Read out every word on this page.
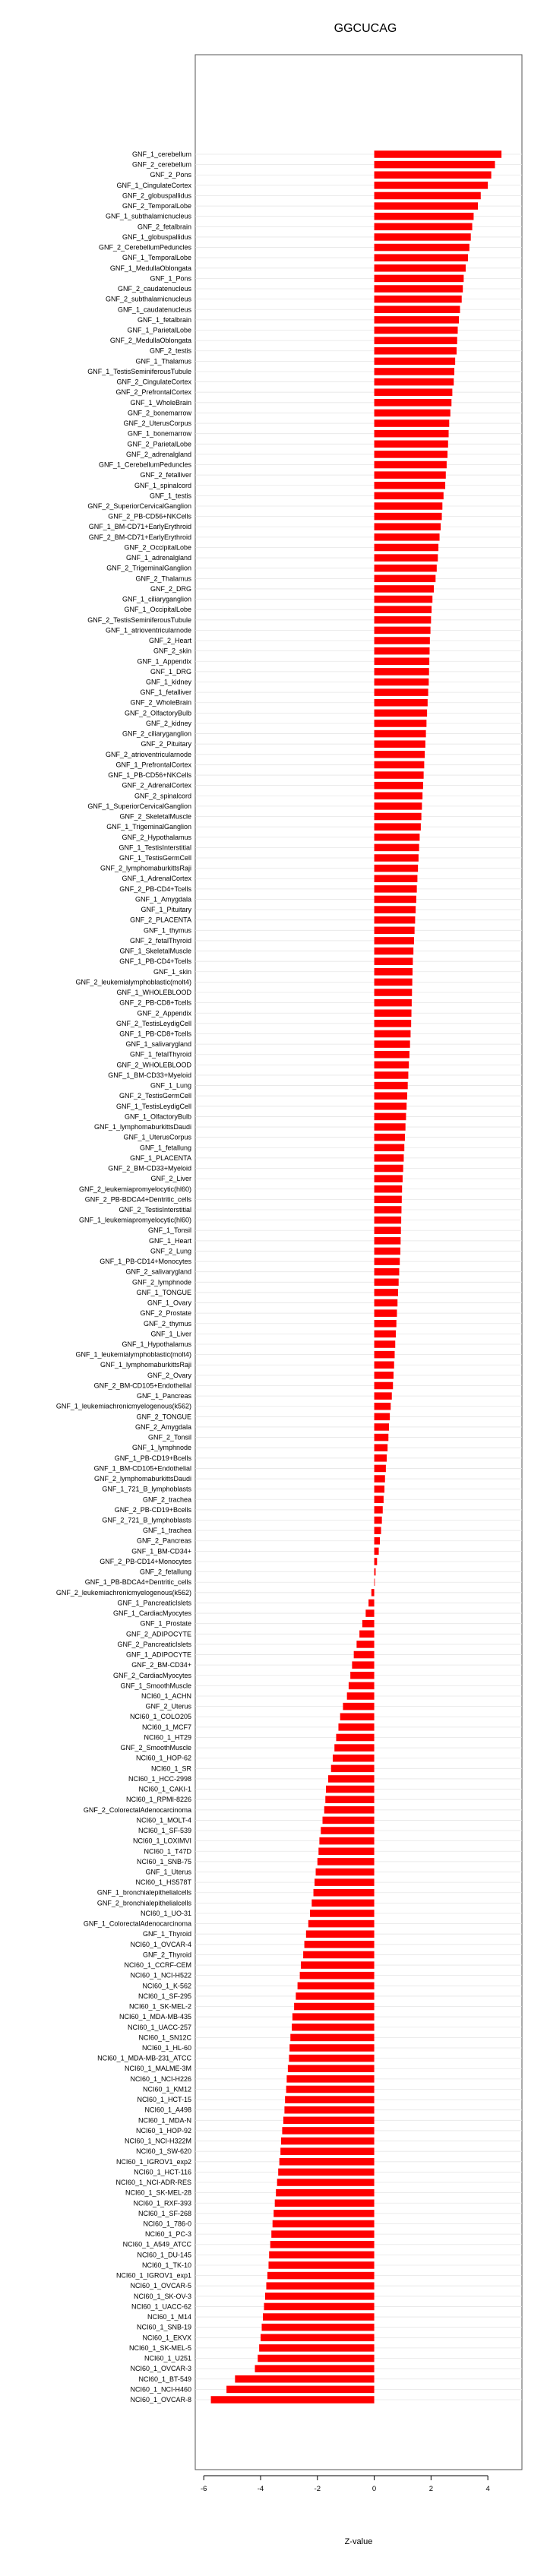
GGCUCAG
GNF_1_cerebellum
GNF_2_cerebellum
GNF_2_Pons
GNF_1_CingulateCortex
GNF_2_globuspallidus
GNF_2_TemporalLobe
GNF_1_subthalamicnucleus
GNF_2_fetalbrain
GNF_1_globuspallidus
GNF_2_CerebellumPeduncles
GNF_1_TemporalLobe
GNF_1_MedullaOblongata
GNF_1_Pons
GNF_2_caudatenucleus
GNF_2_subthalamicnucleus
GNF_1_caudatenucleus
GNF_1_fetalbrain
GNF_1_ParietalLobe
GNF_2_MedullaOblongata
GNF_2_testis
GNF_1_Thalamus
GNF_1_TestisSeminiferousTubule
GNF_2_CingulateCortex
GNF_2_PrefrontalCortex
GNF_1_WholeBrain
GNF_2_bonemarrow
GNF_2_UterusCorpus
GNF_1_bonemarrow
GNF_2_ParietalLobe
GNF_2_adrenalgland
GNF_1_CerebellumPeduncles
GNF_2_fetalliver
GNF_1_spinalcord
GNF_1_testis
GNF_2_SuperiorCervicalGanglion
GNF_2_PB-CD56+NKCells
GNF_1_BM-CD71+EarlyErythroid
GNF_2_BM-CD71+EarlyErythroid
GNF_2_OccipitalLobe
GNF_1_adrenalgland
GNF_2_TrigeminalGanglion
GNF_2_Thalamus
GNF_2_DRG
GNF_1_ciliaryganglion
GNF_1_OccipitalLobe
GNF_2_TestisSeminiferousTubule
GNF_1_atrioventricularnode
GNF_2_Heart
GNF_2_skin
GNF_1_Appendix
GNF_1_DRG
GNF_1_kidney
GNF_1_fetalliver
GNF_2_WholeBrain
GNF_2_OlfactoryBulb
GNF_2_kidney
GNF_2_ciliaryganglion
GNF_2_Pituitary
GNF_2_atrioventricularnode
GNF_1_PrefrontalCortex
GNF_1_PB-CD56+NKCells
GNF_2_AdrenalCortex
GNF_2_spinalcord
GNF_1_SuperiorCervicalGanglion
GNF_2_SkeletalMuscle
GNF_1_TrigeminalGanglion
GNF_2_Hypothalamus
GNF_1_TestisInterstitial
GNF_1_TestisGermCell
GNF_2_lymphomaburkittsRaji
GNF_1_AdrenalCortex
GNF_2_PB-CD4+Tcells
GNF_1_Amygdala
GNF_1_Pituitary
GNF_2_PLACENTA
GNF_1_thymus
GNF_2_fetalThyroid
GNF_1_SkeletalMuscle
GNF_1_PB-CD4+Tcells
GNF_1_skin
GNF_2_leukemialymphoblastic(molt4)
GNF_1_WHOLEBLOOD
GNF_2_PB-CD8+Tcells
GNF_2_Appendix
GNF_2_TestisLeydigCell
GNF_1_PB-CD8+Tcells
GNF_1_salivarygland
GNF_1_fetalThyroid
GNF_2_WHOLEBLOOD
GNF_1_BM-CD33+Myeloid
GNF_1_Lung
GNF_2_TestisGermCell
GNF_1_TestisLeydigCell
GNF_1_OlfactoryBulb
GNF_1_lymphomaburkittsDaudi
GNF_1_UterusCorpus
GNF_1_fetallung
GNF_1_PLACENTA
GNF_2_BM-CD33+Myeloid
GNF_2_Liver
GNF_2_leukemiapromyelocytic(hl60)
GNF_2_PB-BDCA4+Dentritic_cells
GNF_2_TestisInterstitial
GNF_1_leukemiapromyelocytic(hl60)
GNF_1_Tonsil
GNF_1_Heart
GNF_2_Lung
GNF_1_PB-CD14+Monocytes
GNF_2_salivarygland
GNF_2_lymphnode
GNF_1_TONGUE
GNF_1_Ovary
GNF_2_Prostate
GNF_2_thymus
GNF_1_Liver
GNF_1_Hypothalamus
GNF_1_leukemialymphoblastic(molt4)
GNF_1_lymphomaburkittsRaji
GNF_2_Ovary
GNF_2_BM-CD105+Endothelial
GNF_1_Pancreas
GNF_1_leukemiachronicmyelogenous(k562)
GNF_2_TONGUE
GNF_2_Amygdala
GNF_2_Tonsil
GNF_1_lymphnode
GNF_1_PB-CD19+Bcells
GNF_1_BM-CD105+Endothelial
GNF_2_lymphomaburkittsDaudi
GNF_1_721_B_lymphoblasts
GNF_2_trachea
GNF_2_PB-CD19+Bcells
GNF_2_721_B_lymphoblasts
GNF_1_trachea
GNF_2_Pancreas
GNF_1_BM-CD34+
GNF_2_PB-CD14+Monocytes
GNF_2_fetallung
GNF_1_PB-BDCA4+Dentritic_cells
GNF_2_leukemiachronicmyelogenous(k562)
GNF_1_PancreaticIslets
GNF_1_CardiacMyocytes
GNF_1_Prostate
GNF_2_ADIPOCYTE
GNF_2_PancreaticIslets
GNF_1_ADIPOCYTE
GNF_2_BM-CD34+
GNF_2_CardiacMyocytes
GNF_1_SmoothMuscle
NCI60_1_ACHN
GNF_2_Uterus
NCI60_1_COLO205
NCI60_1_MCF7
NCI60_1_HT29
GNF_2_SmoothMuscle
NCI60_1_HOP-62
NCI60_1_SR
NCI60_1_HCC-2998
NCI60_1_CAKI-1
NCI60_1_RPMI-8226
GNF_2_ColorectalAdenocarcinoma
NCI60_1_MOLT-4
NCI60_1_SF-539
NCI60_1_LOXIMVI
NCI60_1_T47D
NCI60_1_SNB-75
GNF_1_Uterus
NCI60_1_HS578T
GNF_1_bronchialepithelialcells
GNF_2_bronchialepithelialcells
NCI60_1_UO-31
GNF_1_ColorectalAdenocarcinoma
GNF_1_Thyroid
NCI60_1_OVCAR-4
GNF_2_Thyroid
NCI60_1_CCRF-CEM
NCI60_1_NCI-H522
NCI60_1_K-562
NCI60_1_SF-295
NCI60_1_SK-MEL-2
NCI60_1_MDA-MB-435
NCI60_1_UACC-257
NCI60_1_SN12C
NCI60_1_HL-60
NCI60_1_MDA-MB-231_ATCC
NCI60_1_MALME-3M
NCI60_1_NCI-H226
NCI60_1_KM12
NCI60_1_HCT-15
NCI60_1_A498
NCI60_1_MDA-N
NCI60_1_HOP-92
NCI60_1_NCI-H322M
NCI60_1_SW-620
NCI60_1_IGROV1_exp2
NCI60_1_HCT-116
NCI60_1_NCI-ADR-RES
NCI60_1_SK-MEL-28
NCI60_1_RXF-393
NCI60_1_SF-268
NCI60_1_786-0
NCI60_1_PC-3
NCI60_1_A549_ATCC
NCI60_1_DU-145
NCI60_1_TK-10
NCI60_1_IGROV1_exp1
NCI60_1_OVCAR-5
NCI60_1_SK-OV-3
NCI60_1_UACC-62
NCI60_1_M14
NCI60_1_SNB-19
NCI60_1_EKVX
NCI60_1_SK-MEL-5
NCI60_1_U251
NCI60_1_OVCAR-3
NCI60_1_BT-549
NCI60_1_NCI-H460
NCI60_1_OVCAR-8
-6	-4	-2	0	2	4
Z-value
